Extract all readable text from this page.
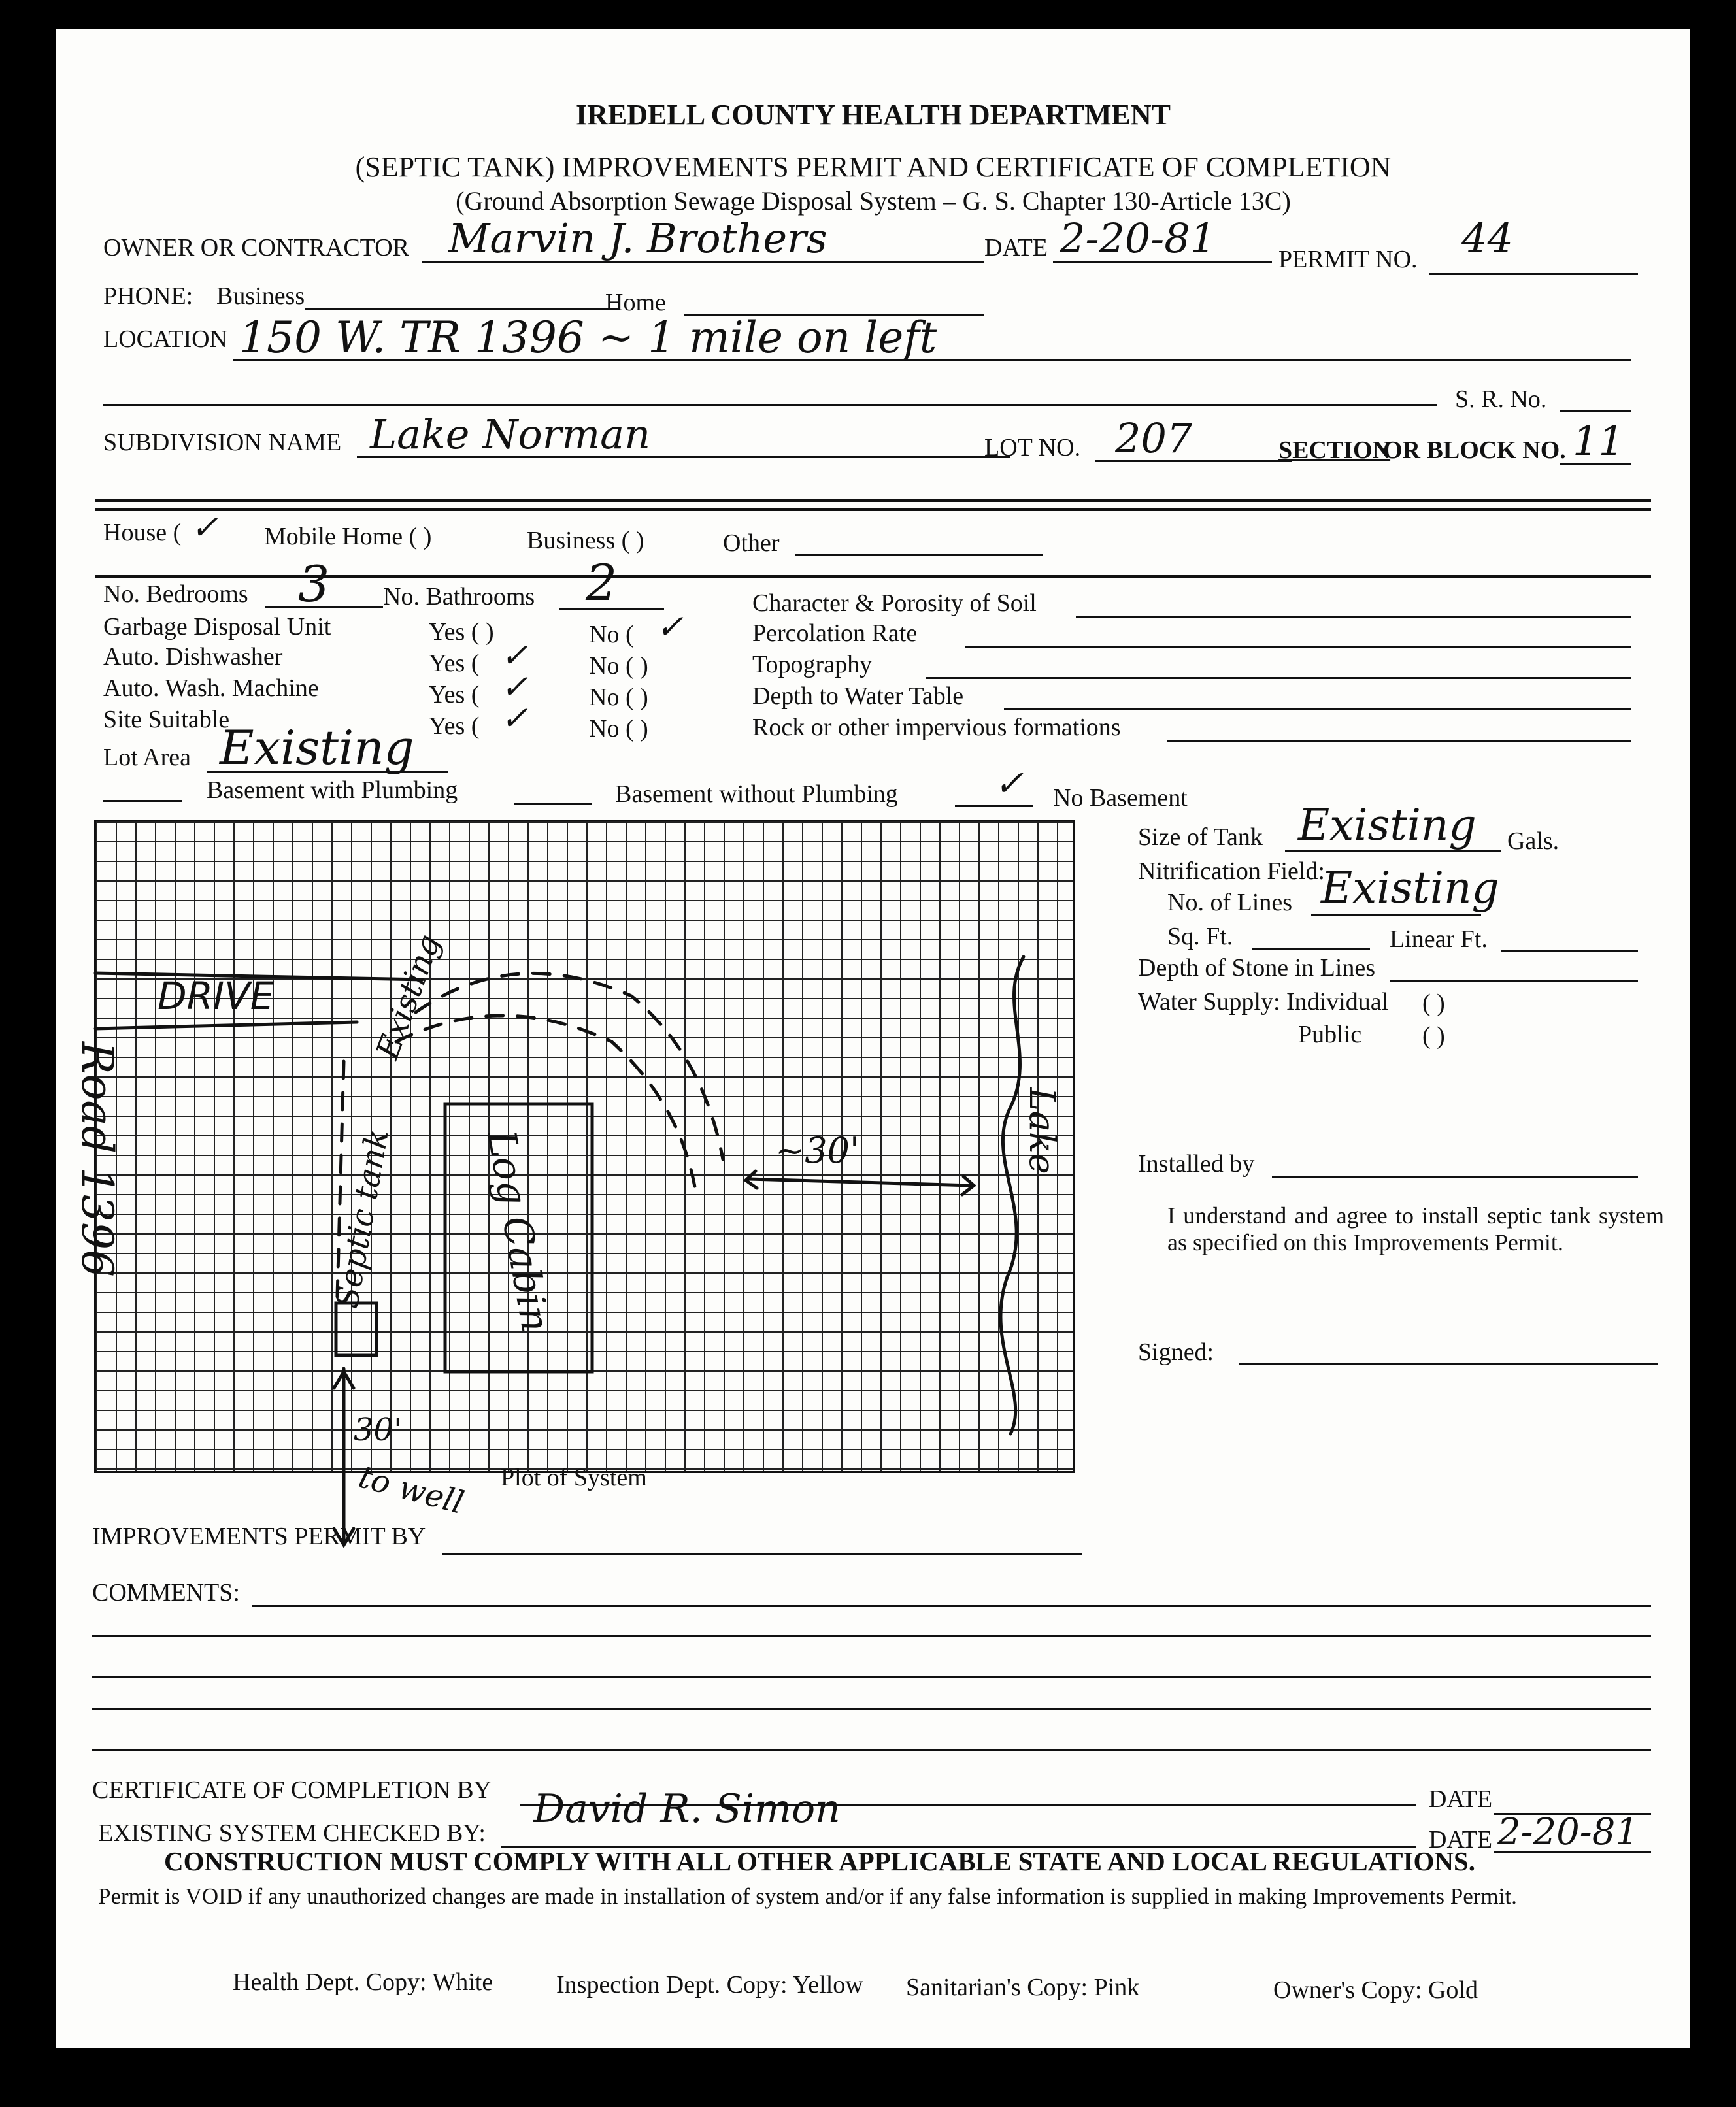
IREDELL COUNTY HEALTH DEPARTMENT
(SEPTIC TANK) IMPROVEMENTS PERMIT AND CERTIFICATE OF COMPLETION
(Ground Absorption Sewage Disposal System – G. S. Chapter 130-Article 13C)
OWNER OR CONTRACTOR Marvin J. Brothers	DATE 2-20-81	PERMIT NO. 44
PHONE: Business	Home
LOCATION 150 W. TR 1396 ~ 1 mile on left
S. R. No.
SUBDIVISION NAME Lake Norman	LOT NO. 207	SECTION
OR BLOCK NO. 11
House ( ✓ Mobile Home ( )	Business ( )	Other
No. Bedrooms 3 No. Bathrooms 2
Garbage Disposal Unit	Yes ( )	No ( ✓
Auto. Dishwasher	Yes ( ✓ No ( )
Auto. Wash. Machine	Yes ( ✓ No ( )
Site Suitable	Yes ( ✓ No ( )
Character & Porosity of Soil
Percolation Rate
Topography
Depth to Water Table
Rock or other impervious formations
Lot Area Existing
Basement with Plumbing	Basement without Plumbing	✓ No Basement
DRIVE
Road 1396	~30'	Lake
Log Cabin
Septic tank
Existing
30'
to well Plot of System
Size of Tank Existing Gals.
Nitrification Field:
No. of Lines Existing
Sq. Ft.	Linear Ft.
Depth of Stone in Lines
Water Supply: Individual ( )
Public ( )
Installed by
I understand and agree to install septic tank system as specified on this Improvements Permit.
Signed:
IMPROVEMENTS PERMIT BY
COMMENTS:
CERTIFICATE OF COMPLETION BY	DATE
EXISTING SYSTEM CHECKED BY:
David R. Simon
DATE 2-20-81
CONSTRUCTION MUST COMPLY WITH ALL OTHER APPLICABLE STATE AND LOCAL REGULATIONS.
Permit is VOID if any unauthorized changes are made in installation of system and/or if any false information is supplied in making Improvements Permit.
Health Dept. Copy: White	Inspection Dept. Copy: Yellow Sanitarian's Copy: Pink	Owner's Copy: Gold
